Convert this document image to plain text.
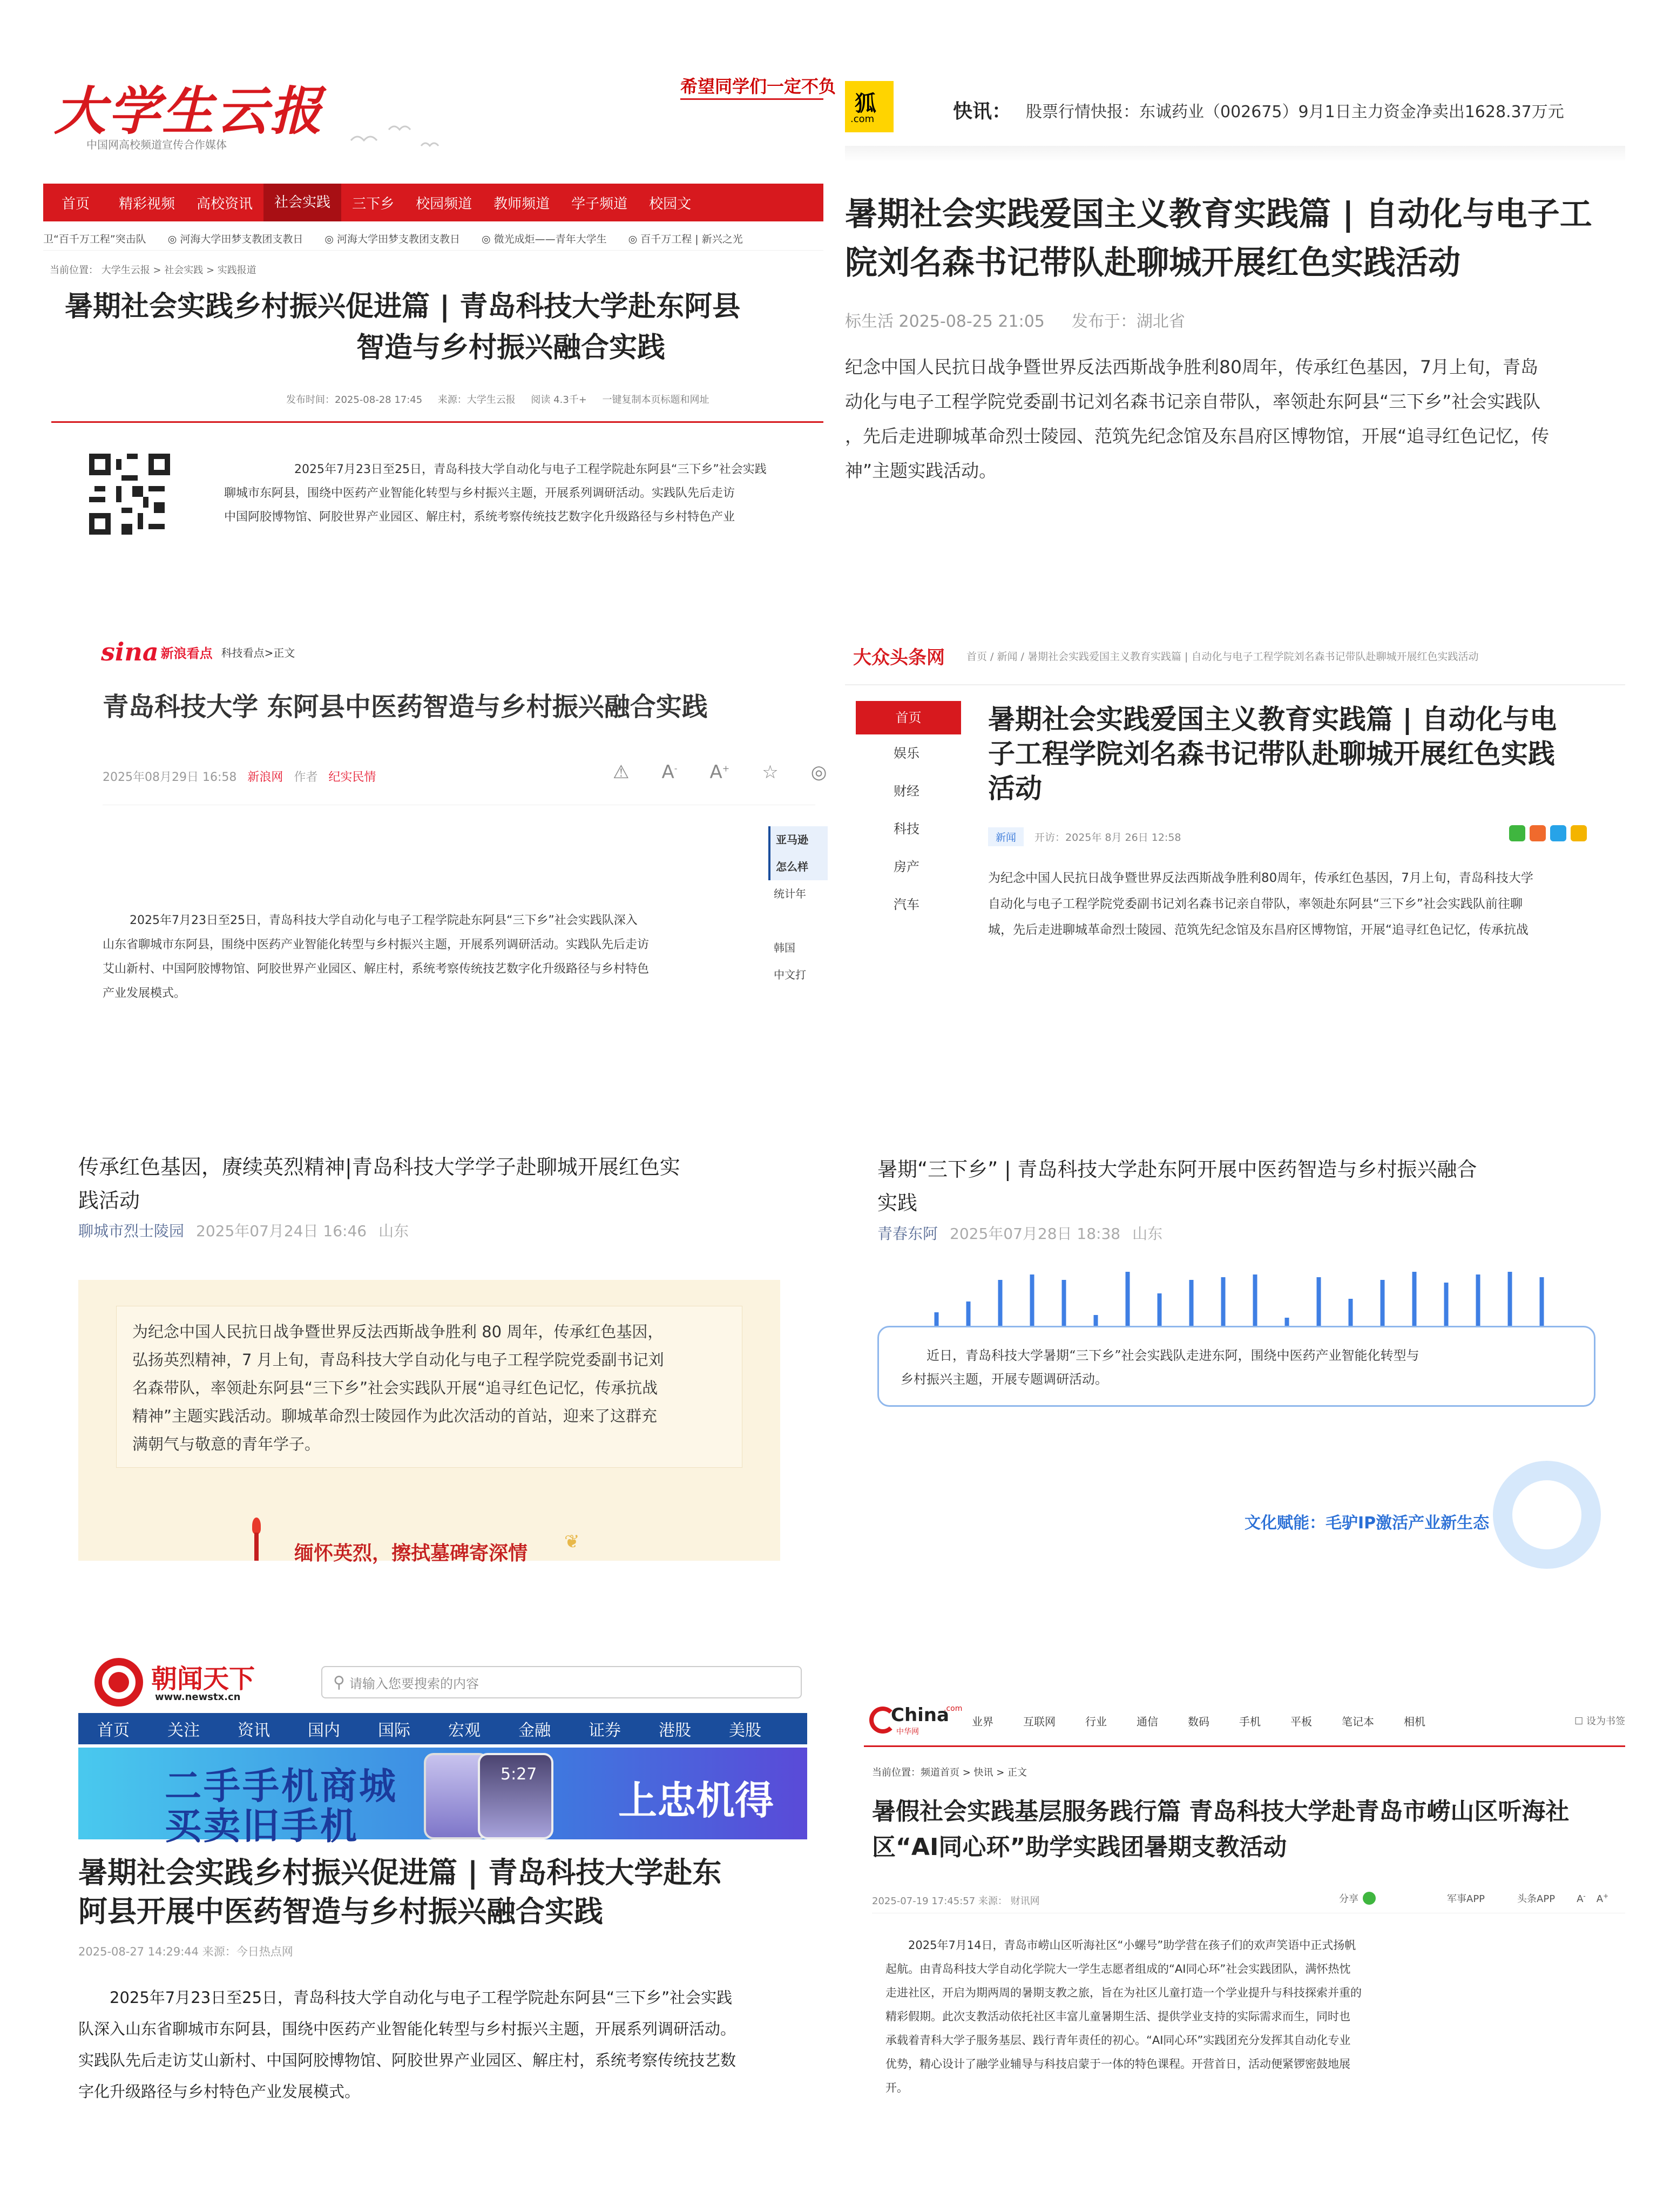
大学生云报
中国网高校频道宣传合作媒体
希望同学们一定不负
首页	精彩视频	高校资讯	社会实践	三下乡	校园频道	教师频道	学子频道	校园文
卫“百千万工程”突击队 ◎ 河海大学田梦支教团支教日 ◎ 河海大学田梦支教团支教日 ◎ 微光成炬——青年大学生 ◎ 百千万工程 | 新兴之光
当前位置： 大学生云报 > 社会实践 > 实践报道
暑期社会实践乡村振兴促进篇 | 青岛科技大学赴东阿县
智造与乡村振兴融合实践
发布时间：2025-08-28 17:45     来源：大学生云报     阅读 4.3千+     一键复制本页标题和网址
2025年7月23日至25日，青岛科技大学自动化与电子工程学院赴东阿县“三下乡”社会实践
聊城市东阿县，围绕中医药产业智能化转型与乡村振兴主题，开展系列调研活动。实践队先后走访
中国阿胶博物馆、阿胶世界产业园区、解庄村，系统考察传统技艺数字化升级路径与乡村特色产业
狐
.com	快讯： 股票行情快报：东诚药业（002675）9月1日主力资金净卖出1628.37万元
暑期社会实践爱国主义教育实践篇 | 自动化与电子工
院刘名森书记带队赴聊城开展红色实践活动
标生活 2025-08-25 21:05 发布于：湖北省
纪念中国人民抗日战争暨世界反法西斯战争胜利80周年，传承红色基因，7月上旬，青岛
动化与电子工程学院党委副书记刘名森书记亲自带队，率领赴东阿县“三下乡”社会实践队
，先后走进聊城革命烈士陵园、范筑先纪念馆及东昌府区博物馆，开展“追寻红色记忆，传
神”主题实践活动。
sina 新浪看点 科技看点>正文
青岛科技大学 东阿县中医药智造与乡村振兴融合实践
2025年08月29日 16:58 新浪网 作者 纪实民情	⚠ A- A+ ☆ ◎
亚马逊
怎么样
统计年
韩国
中文打
2025年7月23日至25日，青岛科技大学自动化与电子工程学院赴东阿县“三下乡”社会实践队深入
山东省聊城市东阿县，围绕中医药产业智能化转型与乡村振兴主题，开展系列调研活动。实践队先后走访
艾山新村、中国阿胶博物馆、阿胶世界产业园区、解庄村，系统考察传统技艺数字化升级路径与乡村特色
产业发展模式。
大众头条网 首页 / 新闻 / 暑期社会实践爱国主义教育实践篇 | 自动化与电子工程学院刘名森书记带队赴聊城开展红色实践活动
首页
娱乐
财经
科技
房产
汽车
暑期社会实践爱国主义教育实践篇 | 自动化与电
子工程学院刘名森书记带队赴聊城开展红色实践
活动
新闻	开访：2025年 8月 26日 12:58
为纪念中国人民抗日战争暨世界反法西斯战争胜利80周年，传承红色基因，7月上旬，青岛科技大学
自动化与电子工程学院党委副书记刘名森书记亲自带队，率领赴东阿县“三下乡”社会实践队前往聊
城，先后走进聊城革命烈士陵园、范筑先纪念馆及东昌府区博物馆，开展“追寻红色记忆，传承抗战
传承红色基因，赓续英烈精神|青岛科技大学学子赴聊城开展红色实
践活动
聊城市烈士陵园 2025年07月24日 16:46 山东
为纪念中国人民抗日战争暨世界反法西斯战争胜利 80 周年，传承红色基因，
弘扬英烈精神，7 月上旬，青岛科技大学自动化与电子工程学院党委副书记刘
名森带队，率领赴东阿县“三下乡”社会实践队开展“追寻红色记忆，传承抗战
精神”主题实践活动。聊城革命烈士陵园作为此次活动的首站，迎来了这群充
满朝气与敬意的青年学子。
缅怀英烈，擦拭墓碑寄深情
❦
暑期“三下乡” | 青岛科技大学赴东阿开展中医药智造与乡村振兴融合
实践
青春东阿 2025年07月28日 18:38 山东
近日，青岛科技大学暑期“三下乡”社会实践队走进东阿，围绕中医药产业智能化转型与
乡村振兴主题，开展专题调研活动。
文化赋能：毛驴IP激活产业新生态
朝闻天下
www.newstx.cn
⚲ 请输入您要搜索的内容
首页	关注	资讯	国内	国际	宏观	金融	证券	港股	美股
二手手机商城
买卖旧手机
5:27
上忠机得
暑期社会实践乡村振兴促进篇 | 青岛科技大学赴东
阿县开展中医药智造与乡村振兴融合实践
2025-08-27 14:29:44 来源：今日热点网
2025年7月23日至25日，青岛科技大学自动化与电子工程学院赴东阿县“三下乡”社会实践
队深入山东省聊城市东阿县，围绕中医药产业智能化转型与乡村振兴主题，开展系列调研活动。
实践队先后走访艾山新村、中国阿胶博物馆、阿胶世界产业园区、解庄村，系统考察传统技艺数
字化升级路径与乡村特色产业发展模式。
China
.com
中华网
业界	互联网	行业	通信	数码	手机	平板	笔记本	相机	☐ 设为书签
当前位置：频道首页 > 快讯 > 正文
暑假社会实践基层服务践行篇 青岛科技大学赴青岛市崂山区听海社
区“AI同心环”助学实践团暑期支教活动
2025-07-19 17:45:57 来源： 财讯网	分享	军事APP	头条APP A- A+
2025年7月14日，青岛市崂山区听海社区“小螺号”助学营在孩子们的欢声笑语中正式扬帆
起航。由青岛科技大学自动化学院大一学生志愿者组成的“AI同心环”社会实践团队，满怀热忱
走进社区，开启为期两周的暑期支教之旅，旨在为社区儿童打造一个学业提升与科技探索并重的
精彩假期。此次支教活动依托社区丰富儿童暑期生活、提供学业支持的实际需求而生，同时也
承载着青科大学子服务基层、践行青年责任的初心。“AI同心环”实践团充分发挥其自动化专业
优势，精心设计了融学业辅导与科技启蒙于一体的特色课程。开营首日，活动便紧锣密鼓地展
开。
